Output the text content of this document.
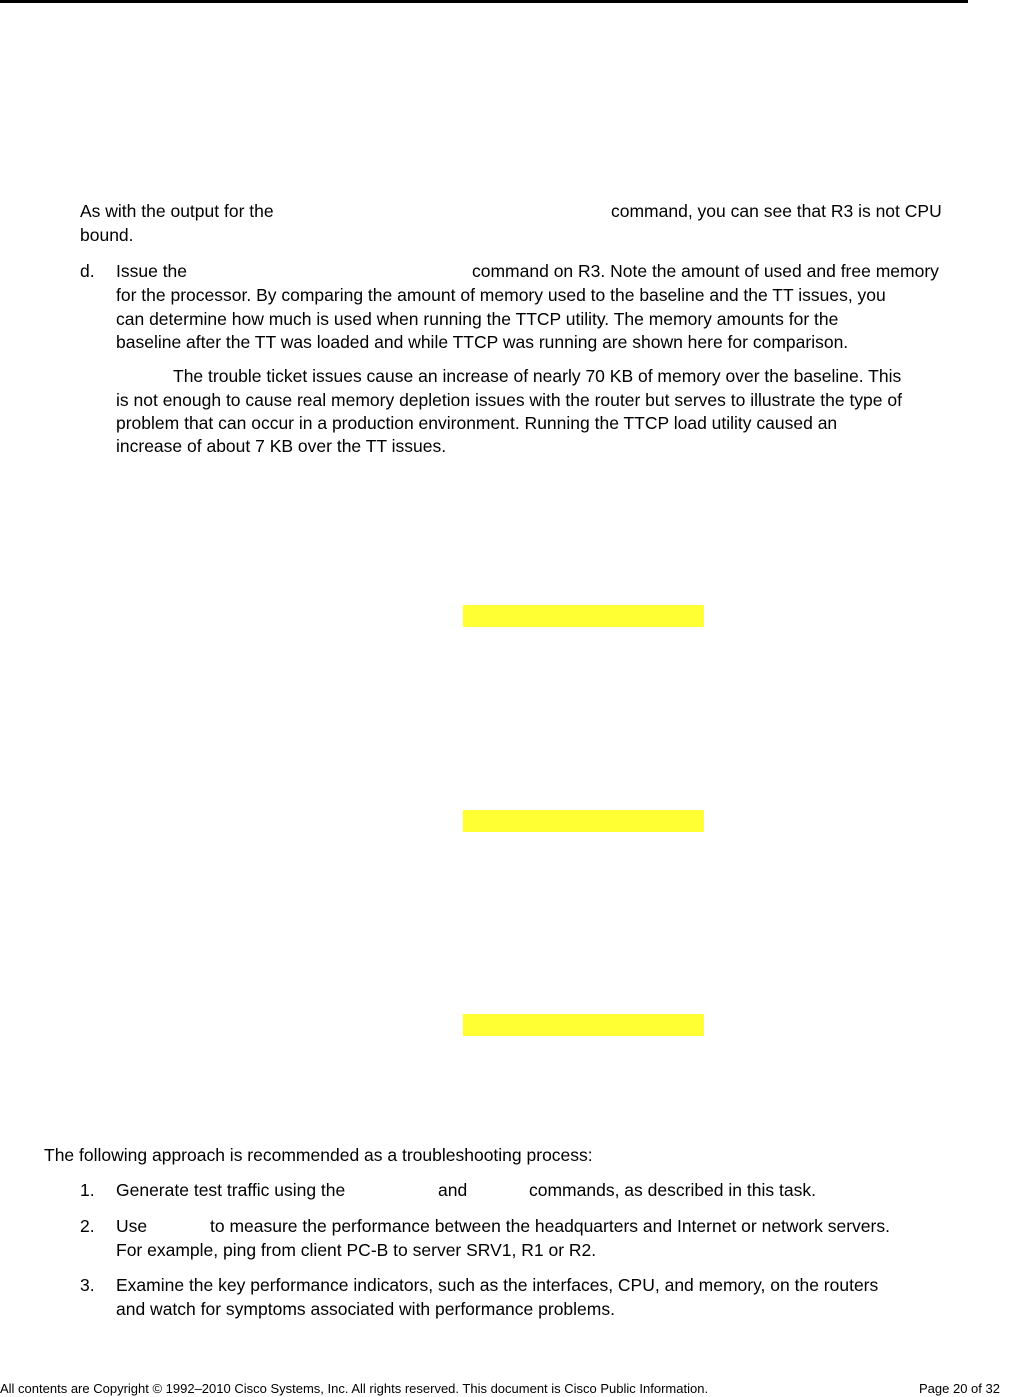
As with the output for the	command, you can see that R3 is not CPU
bound.
d. Issue the	command on R3. Note the amount of used and free memory
for the processor. By comparing the amount of memory used to the baseline and the TT issues, you
can determine how much is used when running the TTCP utility. The memory amounts for the
baseline after the TT was loaded and while TTCP was running are shown here for comparison.
The trouble ticket issues cause an increase of nearly 70 KB of memory over the baseline. This
is not enough to cause real memory depletion issues with the router but serves to illustrate the type of
problem that can occur in a production environment. Running the TTCP load utility caused an
increase of about 7 KB over the TT issues.
The following approach is recommended as a troubleshooting process:
1. Generate test traffic using the	and	commands, as described in this task.
2. Use	to measure the performance between the headquarters and Internet or network servers.
For example, ping from client PC-B to server SRV1, R1 or R2.
3. Examine the key performance indicators, such as the interfaces, CPU, and memory, on the routers
and watch for symptoms associated with performance problems.
All contents are Copyright © 1992–2010 Cisco Systems, Inc. All rights reserved. This document is Cisco Public Information.	Page 20 of 32
